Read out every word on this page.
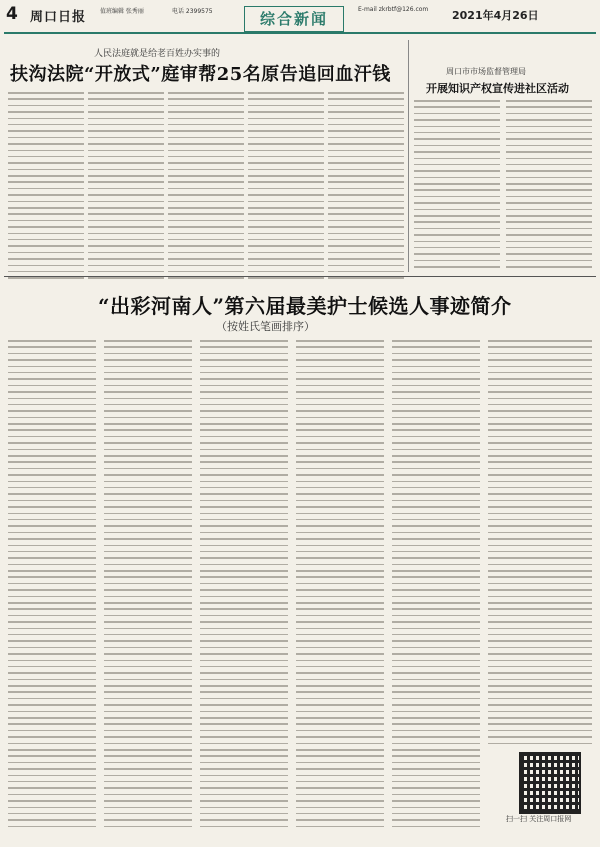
4 周口日报 值班编辑 张秀丽	电话 2399575	综合新闻
E-mail zkrbtf@126.com 2021年4月26日
人民法庭就是给老百姓办实事的
扶沟法院“开放式”庭审帮25名原告追回血汗钱	周口市市场监督管理局
开展知识产权宣传进社区活动
“出彩河南人”第六届最美护士候选人事迹简介
（按姓氏笔画排序）
扫一扫 关注周口报网
